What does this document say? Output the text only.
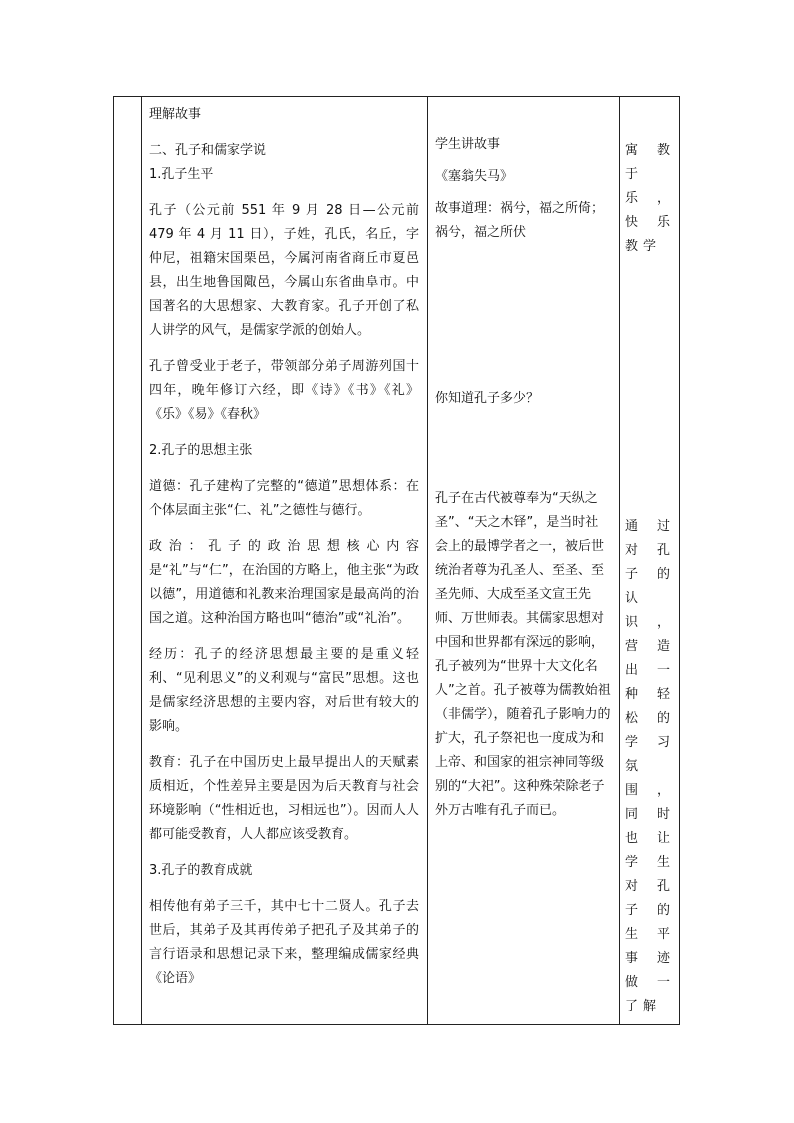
理解故事

二、孔子和儒家学说
1.孔子生平

孔子（公元前 551 年 9 月 28 日—公元前 479 年 4 月 11 日），子姓，孔氏，名丘，字仲尼，祖籍宋国栗邑，今属河南省商丘市夏邑县，出生地鲁国陬邑，今属山东省曲阜市。中国著名的大思想家、大教育家。孔子开创了私人讲学的风气，是儒家学派的创始人。

孔子曾受业于老子，带领部分弟子周游列国十四年，晚年修订六经，即《诗》《书》《礼》《乐》《易》《春秋》

2.孔子的思想主张

道德：孔子建构了完整的“德道”思想体系：在个体层面主张“仁、礼”之德性与德行。

政治：孔子的政治思想核心内容是“礼”与“仁”，在治国的方略上，他主张“为政以德”，用道德和礼教来治理国家是最高尚的治国之道。这种治国方略也叫“德治”或“礼治”。

经历：孔子的经济思想最主要的是重义轻利、“见利思义”的义利观与“富民”思想。这也是儒家经济思想的主要内容，对后世有较大的影响。

教育：孔子在中国历史上最早提出人的天赋素质相近，个性差异主要是因为后天教育与社会环境影响（“性相近也，习相远也”）。因而人人都可能受教育，人人都应该受教育。

3.孔子的教育成就

相传他有弟子三千，其中七十二贤人。孔子去世后，其弟子及其再传弟子把孔子及其弟子的言行语录和思想记录下来，整理编成儒家经典《论语》

学生讲故事

《塞翁失马》

故事道理：祸兮，福之所倚；祸兮，福之所伏

你知道孔子多少？

孔子在古代被尊奉为“天纵之圣”、“天之木铎”，是当时社会上的最博学者之一，被后世统治者尊为孔圣人、至圣、至圣先师、大成至圣文宣王先师、万世师表。其儒家思想对中国和世界都有深远的影响，孔子被列为“世界十大文化名人”之首。孔子被尊为儒教始祖（非儒学），随着孔子影响力的扩大，孔子祭祀也一度成为和上帝、和国家的祖宗神同等级别的“大祀”。这种殊荣除老子外万古唯有孔子而已。

寓教于乐，快乐教学

通过对孔子的认识，营造出一种轻松的学习氛围，同时也让学生对孔子的生平事迹做一了解
